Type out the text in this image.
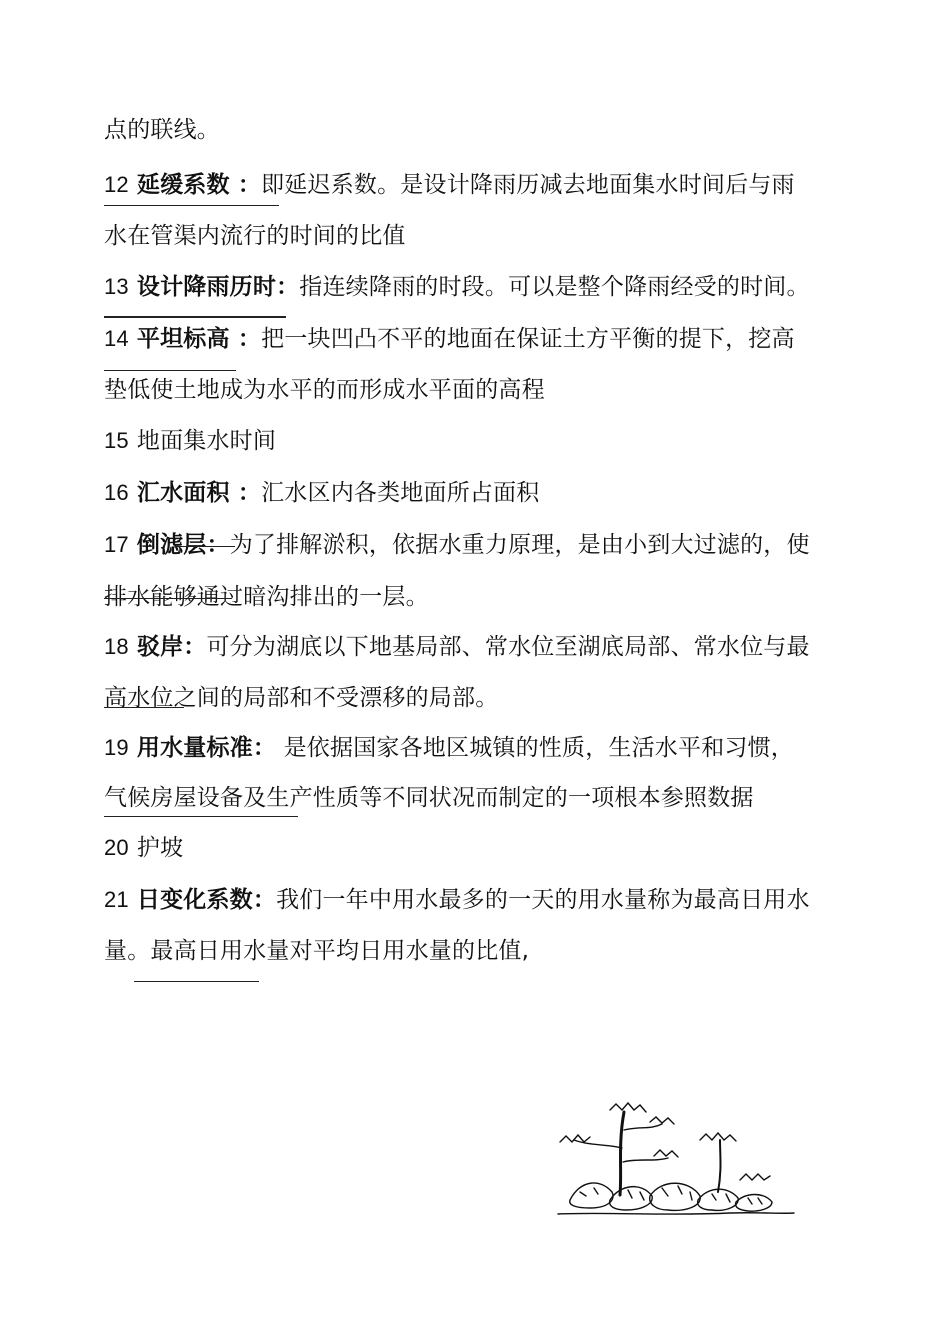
点的联线。
12 延缓系数 ：即延迟系数。是设计降雨历减去地面集水时间后与雨
水在管渠内流行的时间的比值
13 设计降雨历时：指连续降雨的时段。可以是整个降雨经受的时间。
14 平坦标高 ：把一块凹凸不平的地面在保证土方平衡的提下，挖高
垫低使土地成为水平的而形成水平面的高程
15 地面集水时间
16 汇水面积 ：汇水区内各类地面所占面积
17 倒滤层：为了排解淤积，依据水重力原理，是由小到大过滤的，使
排水能够通过暗沟排出的一层。
18 驳岸：可分为湖底以下地基局部、常水位至湖底局部、常水位与最
高水位之间的局部和不受漂移的局部。
19 用水量标准： 是依据国家各地区城镇的性质，生活水平和习惯，
气候房屋设备及生产性质等不同状况而制定的一项根本参照数据
20 护坡
21 日变化系数：我们一年中用水最多的一天的用水量称为最高日用水
量。最高日用水量对平均日用水量的比值,
